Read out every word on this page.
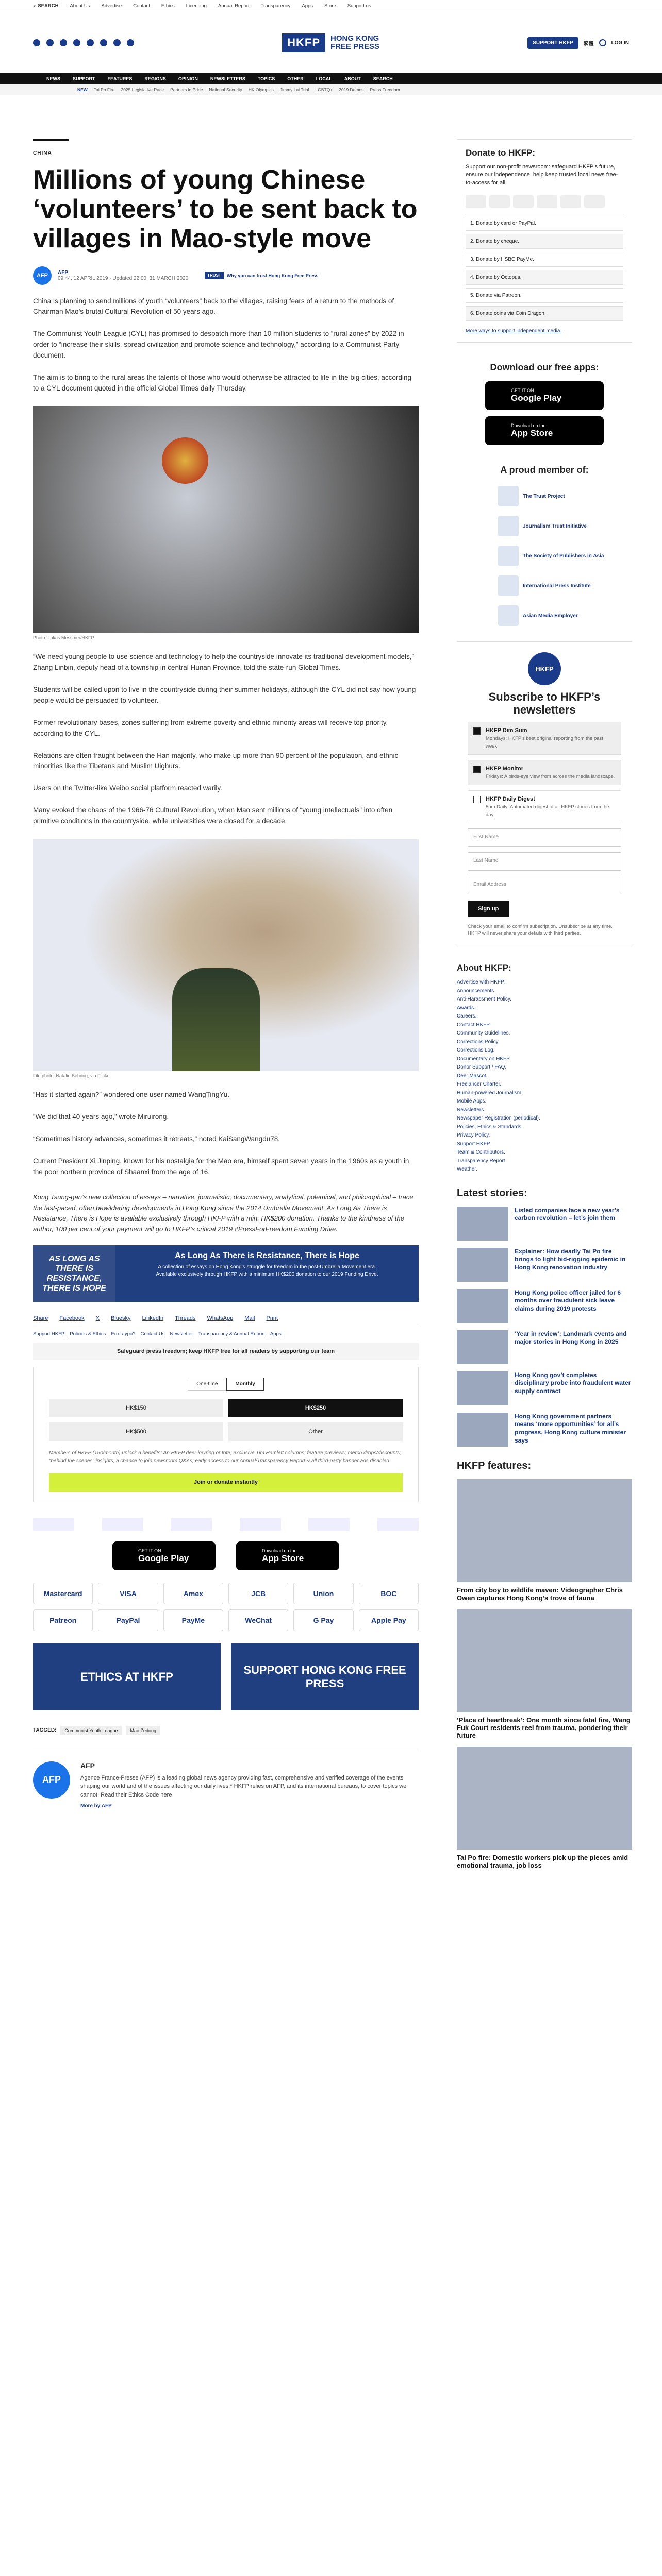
⌕ SEARCH About Us Advertise Contact Ethics Licensing Annual Report Transparency Apps Store Support us
HKFP	HONG KONG
FREE PRESS	SUPPORT HKFP	繁體	LOG IN
NEWS	SUPPORT	FEATURES	REGIONS	OPINION	NEWSLETTERS	TOPICS	OTHER	LOCAL	ABOUT	SEARCH
NEW Tai Po Fire 2025 Legislative Race Partners in Pride National Security HK Olympics Jimmy Lai Trial LGBTQ+ 2019 Demos Press Freedom
CHINA
Millions of young Chinese ‘volunteers’ to be sent back to villages in Mao-style move
AFP	AFP
09:44, 12 APRIL 2019 · Updated 22:00, 31 MARCH 2020	TRUST	Why you can trust Hong Kong Free Press

China is planning to send millions of youth “volunteers” back to the villages, raising fears of a return to the methods of Chairman Mao’s brutal Cultural Revolution of 50 years ago.

The Communist Youth League (CYL) has promised to despatch more than 10 million students to “rural zones” by 2022 in order to “increase their skills, spread civilization and promote science and technology,” according to a Communist Party document.

The aim is to bring to the rural areas the talents of those who would otherwise be attracted to life in the big cities, according to a CYL document quoted in the official Global Times daily Thursday.

Photo: Lukas Messmer/HKFP.

“We need young people to use science and technology to help the countryside innovate its traditional development models,” Zhang Linbin, deputy head of a township in central Hunan Province, told the state-run Global Times.

Students will be called upon to live in the countryside during their summer holidays, although the CYL did not say how young people would be persuaded to volunteer.

Former revolutionary bases, zones suffering from extreme poverty and ethnic minority areas will receive top priority, according to the CYL.

Relations are often fraught between the Han majority, who make up more than 90 percent of the population, and ethnic minorities like the Tibetans and Muslim Uighurs.

Users on the Twitter-like Weibo social platform reacted warily.

Many evoked the chaos of the 1966-76 Cultural Revolution, when Mao sent millions of “young intellectuals” into often primitive conditions in the countryside, while universities were closed for a decade.

File photo: Natalie Behring, via Flickr.

“Has it started again?” wondered one user named WangTingYu.

“We did that 40 years ago,” wrote Miruirong.

“Sometimes history advances, sometimes it retreats,” noted KaiSangWangdu78.

Current President Xi Jinping, known for his nostalgia for the Mao era, himself spent seven years in the 1960s as a youth in the poor northern province of Shaanxi from the age of 16.

Kong Tsung-gan’s new collection of essays – narrative, journalistic, documentary, analytical, polemical, and philosophical – trace the fast-paced, often bewildering developments in Hong Kong since the 2014 Umbrella Movement. As Long As There is Resistance, There is Hope is available exclusively through HKFP with a min. HK$200 donation. Thanks to the kindness of the author, 100 per cent of your payment will go to HKFP’s critical 2019 #PressForFreedom Funding Drive.
AS LONG AS THERE IS RESISTANCE, THERE IS HOPE
As Long As There is Resistance, There is Hope

A collection of essays on Hong Kong’s struggle for freedom in the post-Umbrella Movement era.

Available exclusively through HKFP with a minimum HK$200 donation to our 2019 Funding Drive.

Share Facebook X Bluesky LinkedIn Threads WhatsApp Mail Print
Support HKFP Policies & Ethics Error/typo? Contact Us Newsletter Transparency & Annual Report Apps
Safeguard press freedom; keep HKFP free for all readers by supporting our team
One-time	Monthly
HK$150	HK$250
HK$500	Other
Members of HKFP (150/month) unlock 6 benefits: An HKFP deer keyring or tote; exclusive Tim Hamlett columns; feature previews; merch drops/discounts; “behind the scenes” insights; a chance to join newsroom Q&As; early access to our Annual/Transparency Report & all third-party banner ads disabled.
Join or donate instantly
GET IT ON
Google Play
Download on the
App Store
Mastercard	VISA	Amex	JCB	Union	BOC
Patreon	PayPal	PayMe	WeChat	G Pay	Apple Pay
ETHICS AT HKFP
SUPPORT HONG KONG FREE PRESS
TAGGED:	Communist Youth League	Mao Zedong
AFP
AFP

Agence France-Presse (AFP) is a leading global news agency providing fast, comprehensive and verified coverage of the events shaping our world and of the issues affecting our daily lives.* HKFP relies on AFP, and its international bureaus, to cover topics we cannot. Read their Ethics Code here

More by AFP
Donate to HKFP:

Support our non-profit newsroom: safeguard HKFP’s future, ensure our independence, help keep trusted local news free-to-access for all.

1. Donate by card or PayPal.
2. Donate by cheque.
3. Donate by HSBC PayMe.
4. Donate by Octopus.
5. Donate via Patreon.
6. Donate coins via Coin Dragon.
More ways to support independent media.
Download our free apps:
GET IT ON
Google Play
Download on the
App Store
A proud member of:
The Trust Project
Journalism Trust Initiative
The Society of Publishers in Asia
International Press Institute
Asian Media Employer
HKFP
Subscribe to HKFP’s newsletters
HKFP Dim Sum
Mondays: HKFP’s best original reporting from the past week.
HKFP Monitor
Fridays: A birds-eye view from across the media landscape.
HKFP Daily Digest
5pm Daily: Automated digest of all HKFP stories from the day.
First Name
Last Name
Email Address
Sign up
Check your email to confirm subscription. Unsubscribe at any time. HKFP will never share your details with third parties.
About HKFP:
Advertise with HKFP.
Announcements.
Anti-Harassment Policy.
Awards.
Careers.
Contact HKFP.
Community Guidelines.
Corrections Policy.
Corrections Log.
Documentary on HKFP.
Donor Support / FAQ.
Deer Mascot.
Freelancer Charter.
Human-powered Journalism.
Mobile Apps.
Newsletters.
Newspaper Registration (periodical).
Policies, Ethics & Standards.
Privacy Policy.
Support HKFP.
Team & Contributors.
Transparency Report.
Weather.
Latest stories:
Listed companies face a new year’s carbon revolution – let’s join them
Explainer: How deadly Tai Po fire brings to light bid-rigging epidemic in Hong Kong renovation industry
Hong Kong police officer jailed for 6 months over fraudulent sick leave claims during 2019 protests
‘Year in review’: Landmark events and major stories in Hong Kong in 2025
Hong Kong gov’t completes disciplinary probe into fraudulent water supply contract
Hong Kong government partners means ‘more opportunities’ for all’s progress, Hong Kong culture minister says
HKFP features:
From city boy to wildlife maven: Videographer Chris Owen captures Hong Kong’s trove of fauna
‘Place of heartbreak’: One month since fatal fire, Wang Fuk Court residents reel from trauma, pondering their future
Tai Po fire: Domestic workers pick up the pieces amid emotional trauma, job loss
